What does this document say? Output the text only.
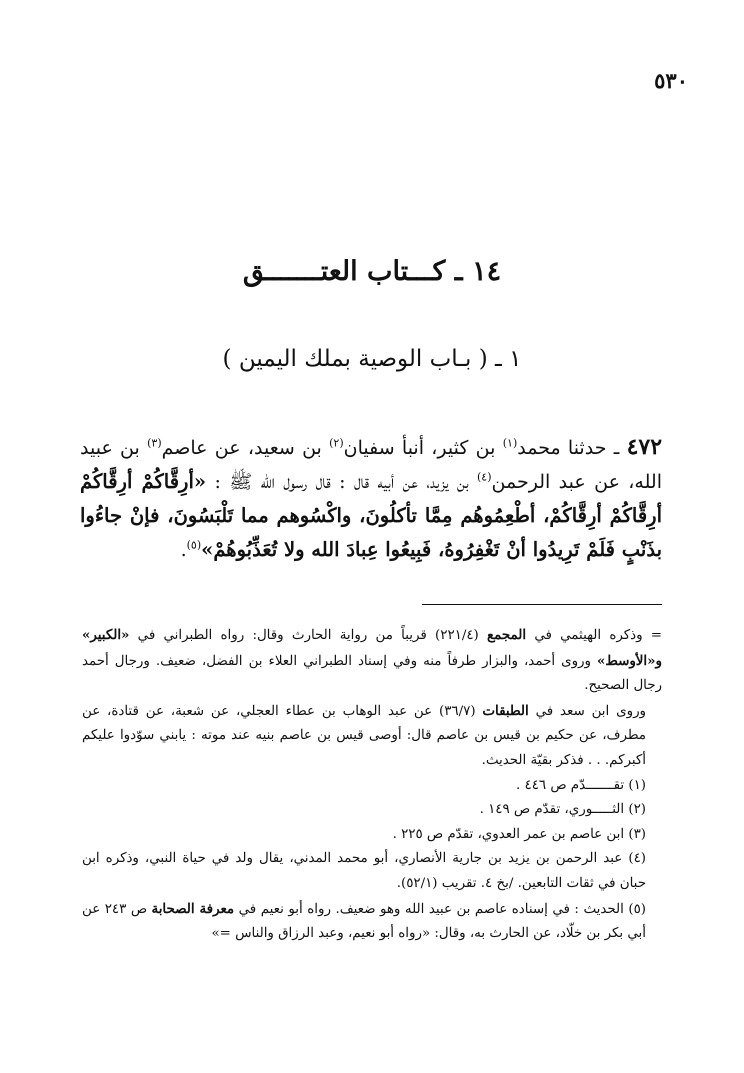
٥٣٠
١٤ ـ كـــتاب العتـــــــق
١ ـ ( بـاب الوصية بملك اليمين )
٤٧٢ ـ حدثنا محمد$^{(١)}$ بن كثير، أنبأ سفيان$^{(٢)}$ بن سعيد، عن عاصم$^{(٣)}$ بن عبيد الله، عن عبد الرحمن$^{(٤)}$ بن يزيد، عن أبيه قال : قال رسول الله ﷺ : «أرِقَّاكُمْ أرِقَّاكُمْ أرِقَّاكُمْ أرِقَّاكُمْ، أطْعِمُوهُم مِمَّا تأكلُونَ، واكْسُوهم مما تَلْبَسُونَ، فإنْ جاءُوا بذَنْبٍ فَلَمْ تَرِيدُوا أنْ تَغْفِرُوهُ، فَبِيعُوا عِبادَ الله ولا تُعَذِّبُوهُمْ»$^{(٥)}$.

= وذكره الهيثمي في المجمع (٢٢١/٤) قريباً من رواية الحارث وقال: رواه الطبراني في «الكبير» و«الأوسط» وروى أحمد، والبزار طرفاً منه وفي إسناد الطبراني العلاء بن الفضل، ضعيف. ورجال أحمد رجال الصحيح.

وروى ابن سعد في الطبقات (٣٦/٧) عن عبد الوهاب بن عطاء العجلي، عن شعبة، عن قتادة، عن مطرف، عن حكيم بن قيس بن عاصم قال: أوصى قيس بن عاصم بنيه عند موته : يابني سوّدوا عليكم أكبركم. . . فذكر بقيّة الحديث.

(١) تقـــــــدّم ص ٤٤٦ .

(٢) الثـــــوري، تقدّم ص ١٤٩ .

(٣) ابن عاصم بن عمر العدوي، تقدّم ص ٢٢٥ .

(٤) عبد الرحمن بن يزيد بن جارية الأنصاري، أبو محمد المدني، يقال ولد في حياة النبي، وذكره ابن حبان في ثقات التابعين. /بخ ٤. تقريب (٥٢/١).

(٥) الحديث : في إسناده عاصم بن عبيد الله وهو ضعيف. رواه أبو نعيم في معرفة الصحابة ص ٢٤٣ عن أبي بكر بن خلّاد، عن الحارث به، وقال: «رواه أبو نعيم، وعبد الرزاق والناس =»
